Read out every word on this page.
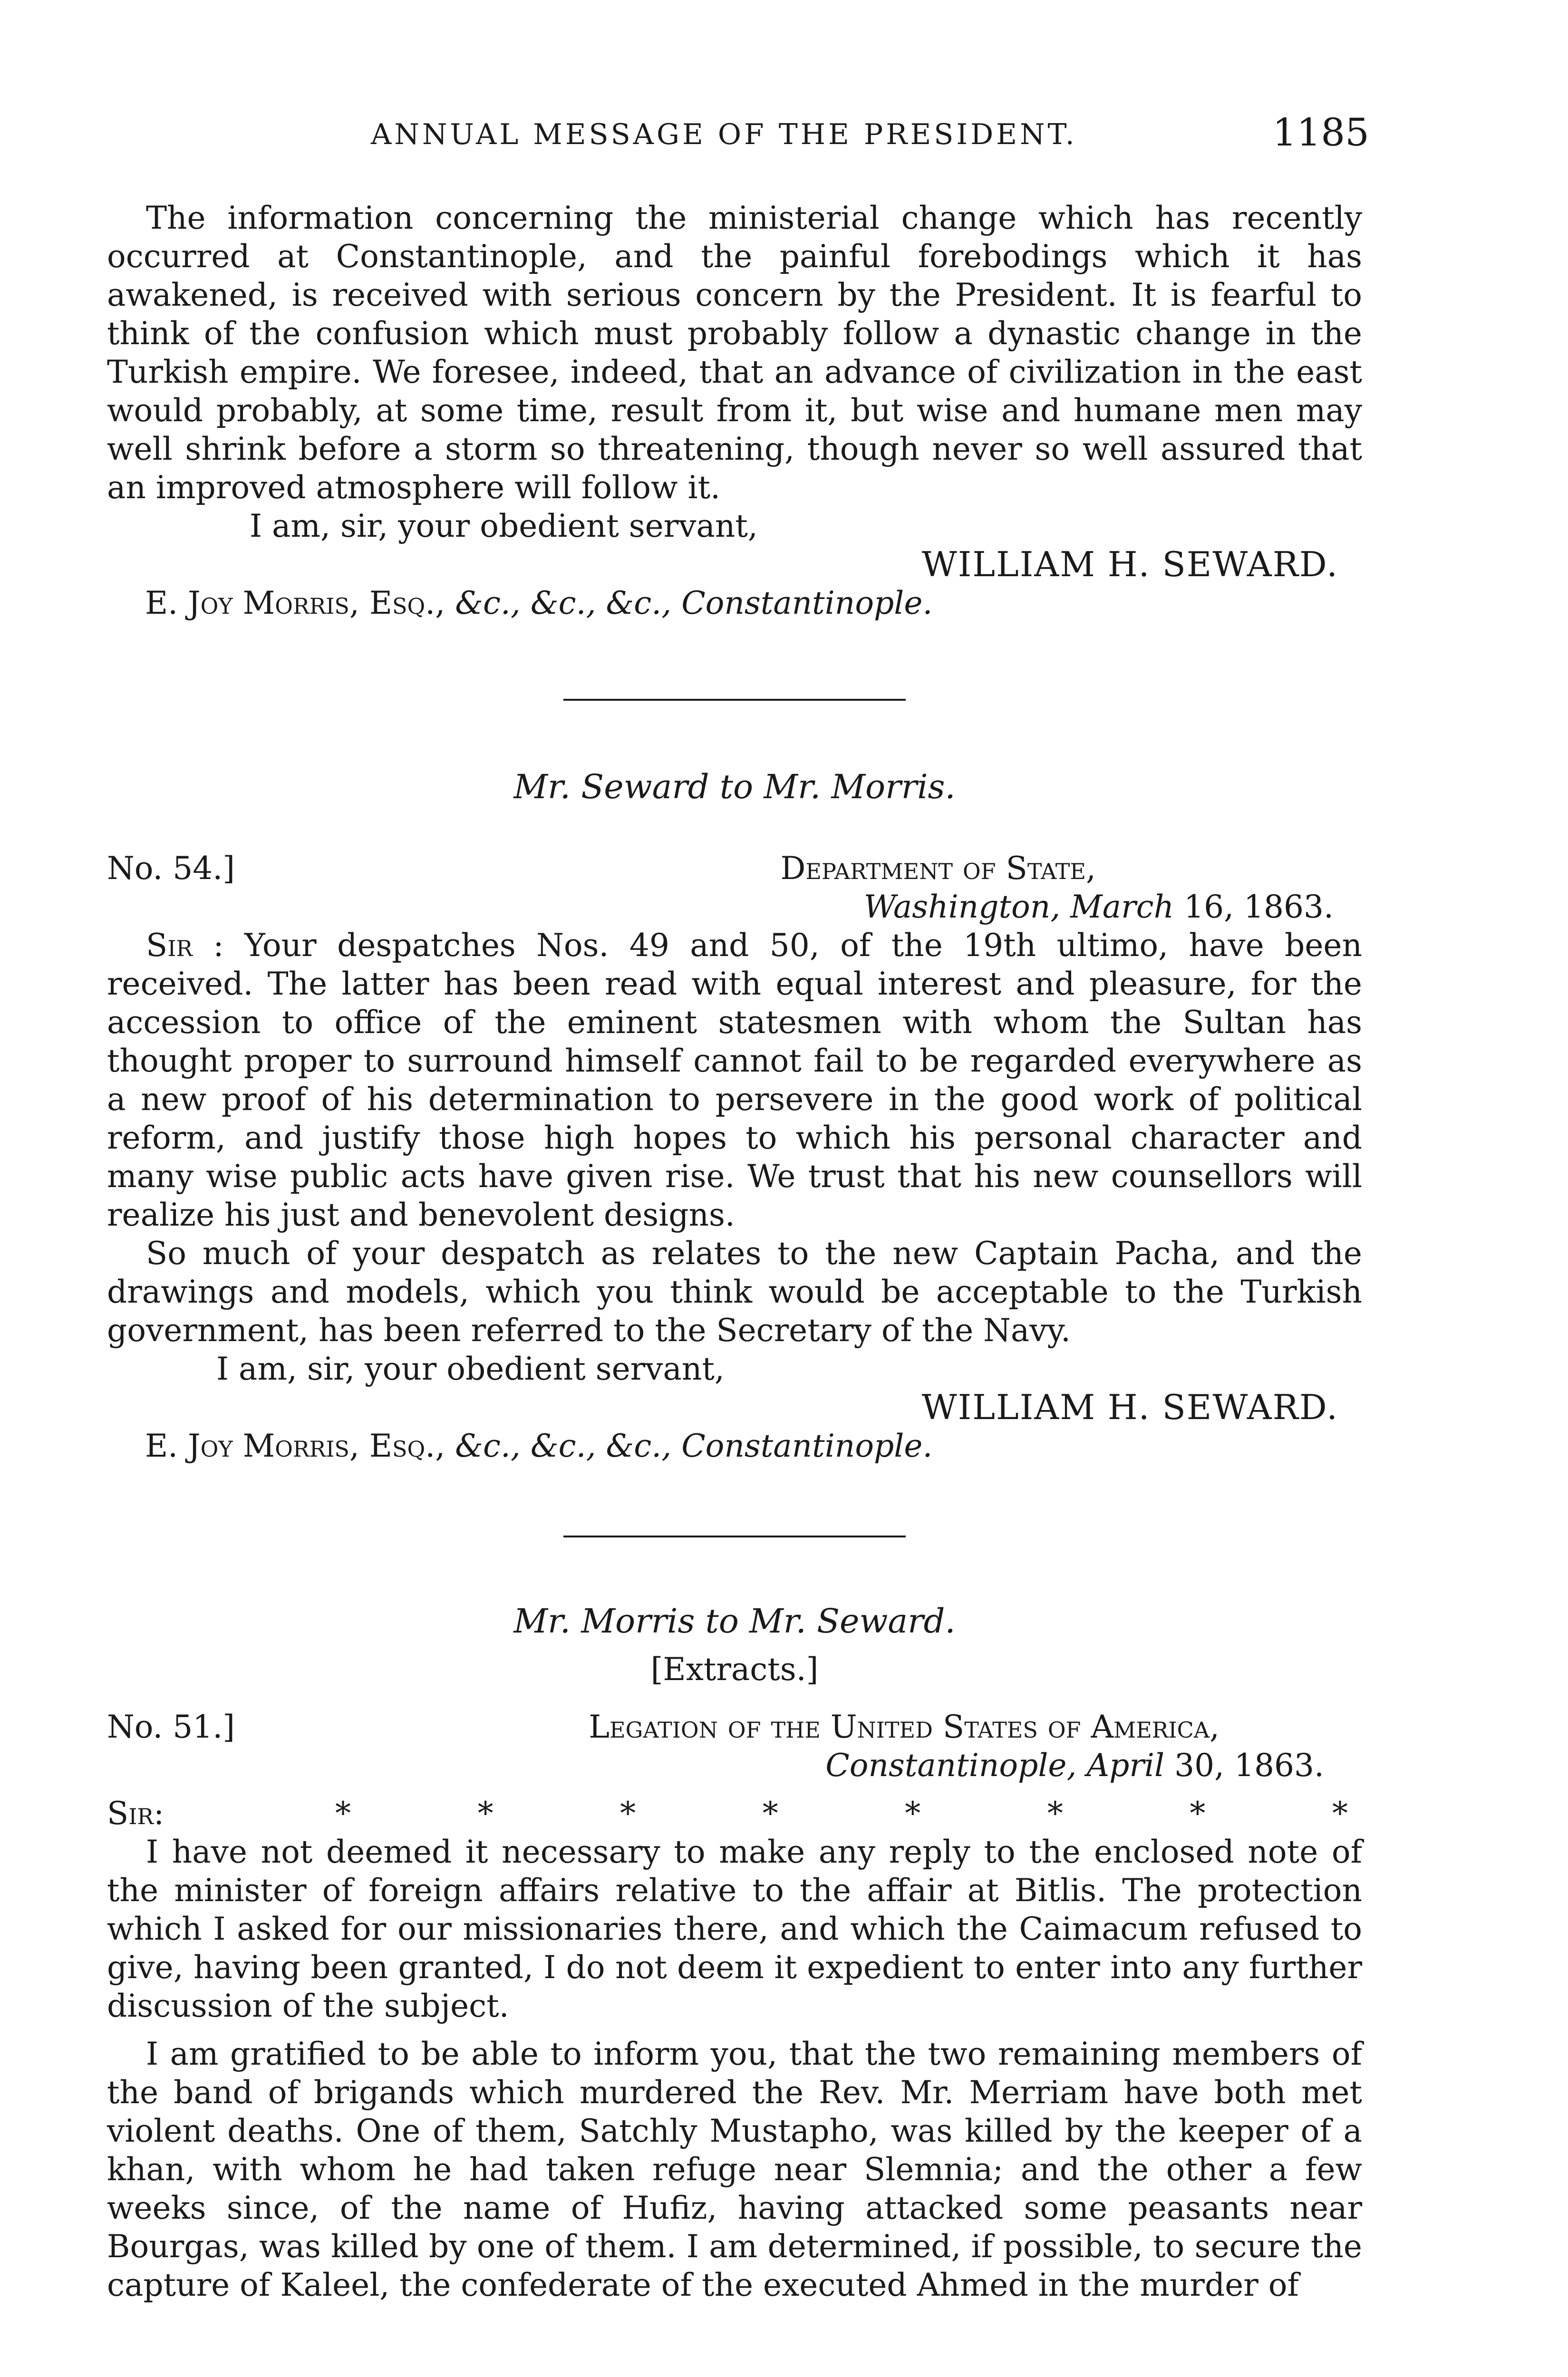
ANNUAL MESSAGE OF THE PRESIDENT.	1185

The information concerning the ministerial change which has recently occurred at Constantinople, and the painful forebodings which it has awakened, is received with serious concern by the President. It is fearful to think of the confusion which must probably follow a dynastic change in the Turkish empire. We foresee, indeed, that an advance of civilization in the east would probably, at some time, result from it, but wise and humane men may well shrink before a storm so threatening, though never so well assured that an improved atmosphere will follow it.

I am, sir, your obedient servant,

WILLIAM H. SEWARD.

E. Joy Morris, Esq., &c., &c., &c., Constantinople.

Mr. Seward to Mr. Morris.

No. 54.]	Department of State,
Washington, March 16, 1863.

Sir : Your despatches Nos. 49 and 50, of the 19th ultimo, have been received. The latter has been read with equal interest and pleasure, for the accession to office of the eminent statesmen with whom the Sultan has thought proper to surround himself cannot fail to be regarded everywhere as a new proof of his determination to persevere in the good work of political reform, and justify those high hopes to which his personal character and many wise public acts have given rise. We trust that his new counsellors will realize his just and benevolent designs.

So much of your despatch as relates to the new Captain Pacha, and the drawings and models, which you think would be acceptable to the Turkish government, has been referred to the Secretary of the Navy.

I am, sir, your obedient servant,

WILLIAM H. SEWARD.

E. Joy Morris, Esq., &c., &c., &c., Constantinople.

Mr. Morris to Mr. Seward.

[Extracts.]

No. 51.]	Legation of the United States of America,
Constantinople, April 30, 1863.
Sir:	*	*	*	*	*	*	*	*

I have not deemed it necessary to make any reply to the enclosed note of the minister of foreign affairs relative to the affair at Bitlis. The protection which I asked for our missionaries there, and which the Caimacum refused to give, having been granted, I do not deem it expedient to enter into any further discussion of the subject.

I am gratified to be able to inform you, that the two remaining members of the band of brigands which murdered the Rev. Mr. Merriam have both met violent deaths. One of them, Satchly Mustapho, was killed by the keeper of a khan, with whom he had taken refuge near Slemnia; and the other a few weeks since, of the name of Hufiz, having attacked some peasants near Bourgas, was killed by one of them. I am determined, if possible, to secure the capture of Kaleel, the confederate of the executed Ahmed in the murder of
